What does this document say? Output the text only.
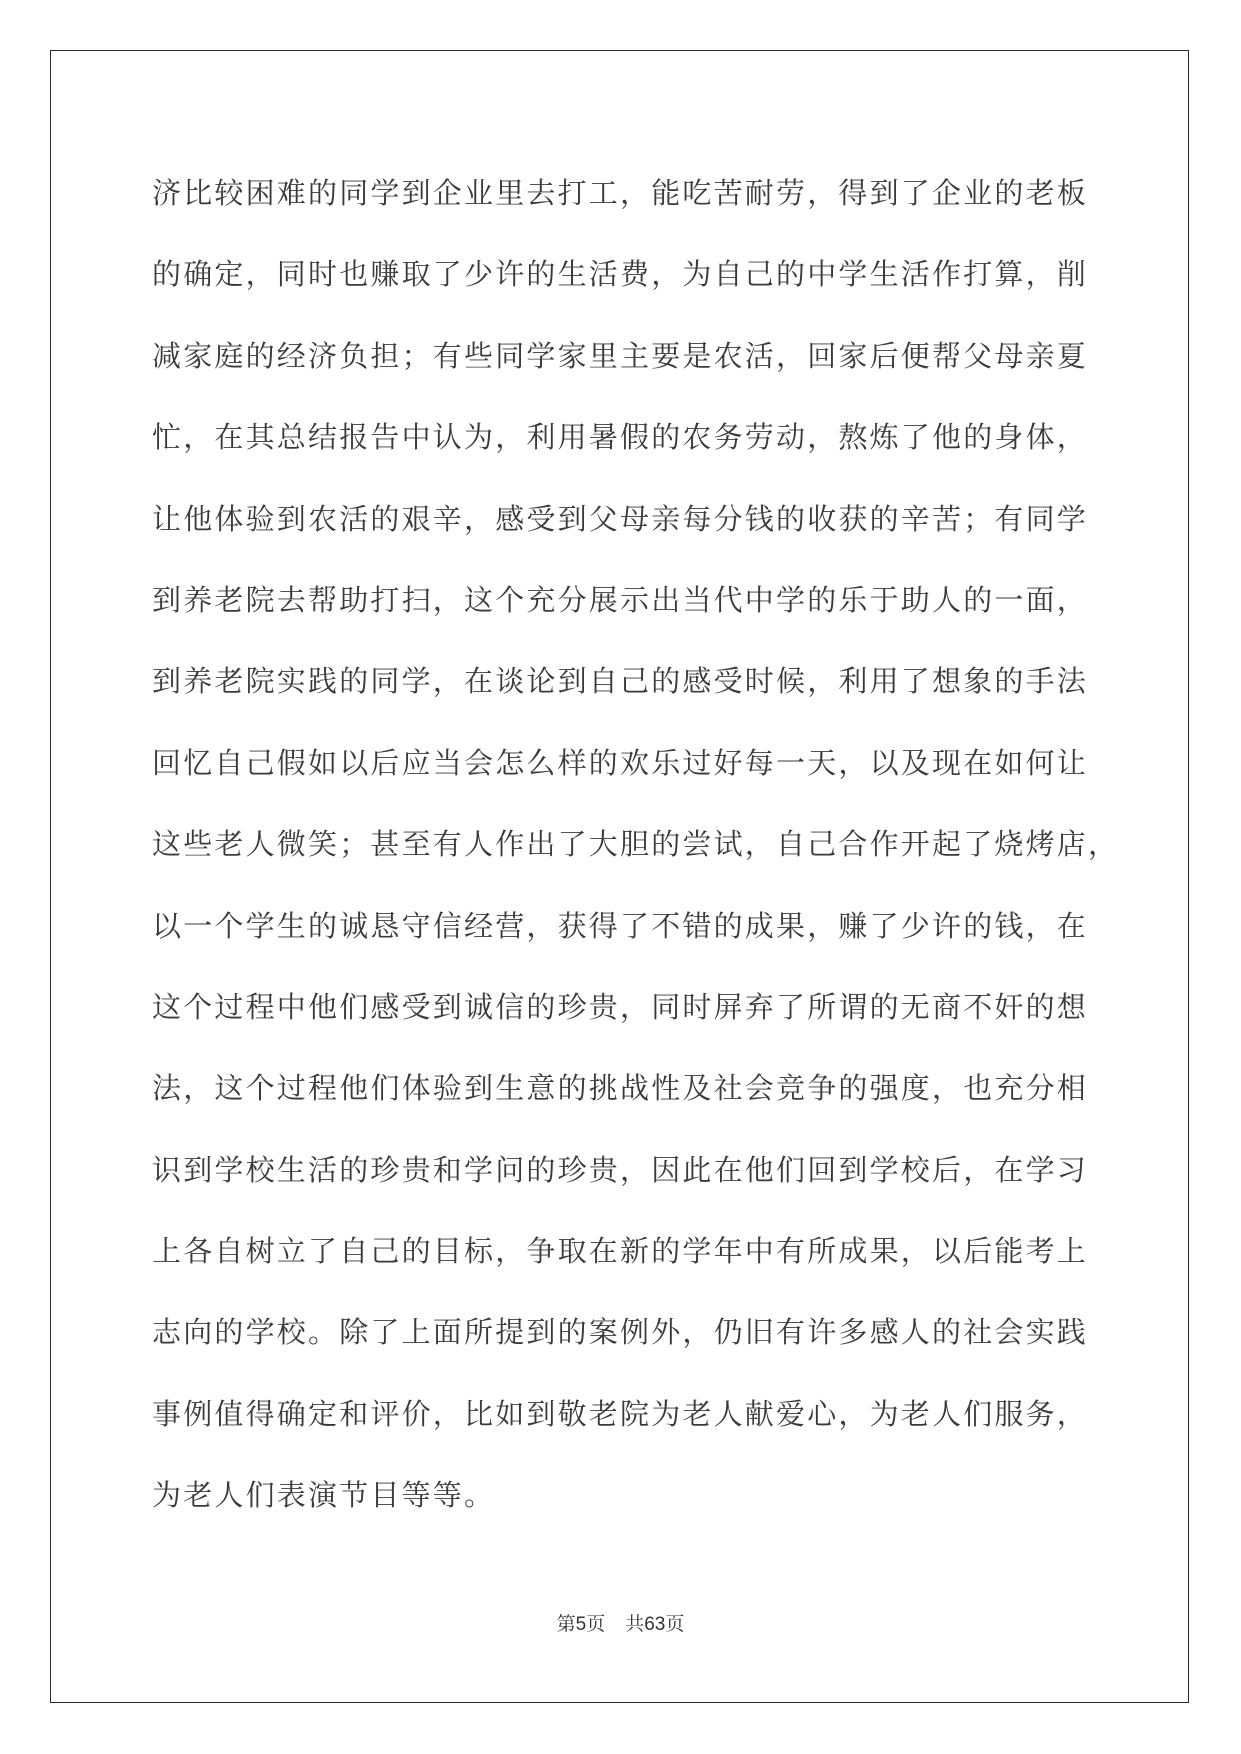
济比较困难的同学到企业里去打工，能吃苦耐劳，得到了企业的老板
的确定，同时也赚取了少许的生活费，为自己的中学生活作打算，削
减家庭的经济负担；有些同学家里主要是农活，回家后便帮父母亲夏
忙，在其总结报告中认为，利用暑假的农务劳动，熬炼了他的身体，
让他体验到农活的艰辛，感受到父母亲每分钱的收获的辛苦；有同学
到养老院去帮助打扫，这个充分展示出当代中学的乐于助人的一面，
到养老院实践的同学，在谈论到自己的感受时候，利用了想象的手法
回忆自己假如以后应当会怎么样的欢乐过好每一天，以及现在如何让
这些老人微笑；甚至有人作出了大胆的尝试，自己合作开起了烧烤店，
以一个学生的诚恳守信经营，获得了不错的成果，赚了少许的钱，在
这个过程中他们感受到诚信的珍贵，同时屏弃了所谓的无商不奸的想
法，这个过程他们体验到生意的挑战性及社会竞争的强度，也充分相
识到学校生活的珍贵和学问的珍贵，因此在他们回到学校后，在学习
上各自树立了自己的目标，争取在新的学年中有所成果，以后能考上
志向的学校。除了上面所提到的案例外，仍旧有许多感人的社会实践
事例值得确定和评价，比如到敬老院为老人献爱心，为老人们服务，
为老人们表演节目等等。
第5页 共63页
